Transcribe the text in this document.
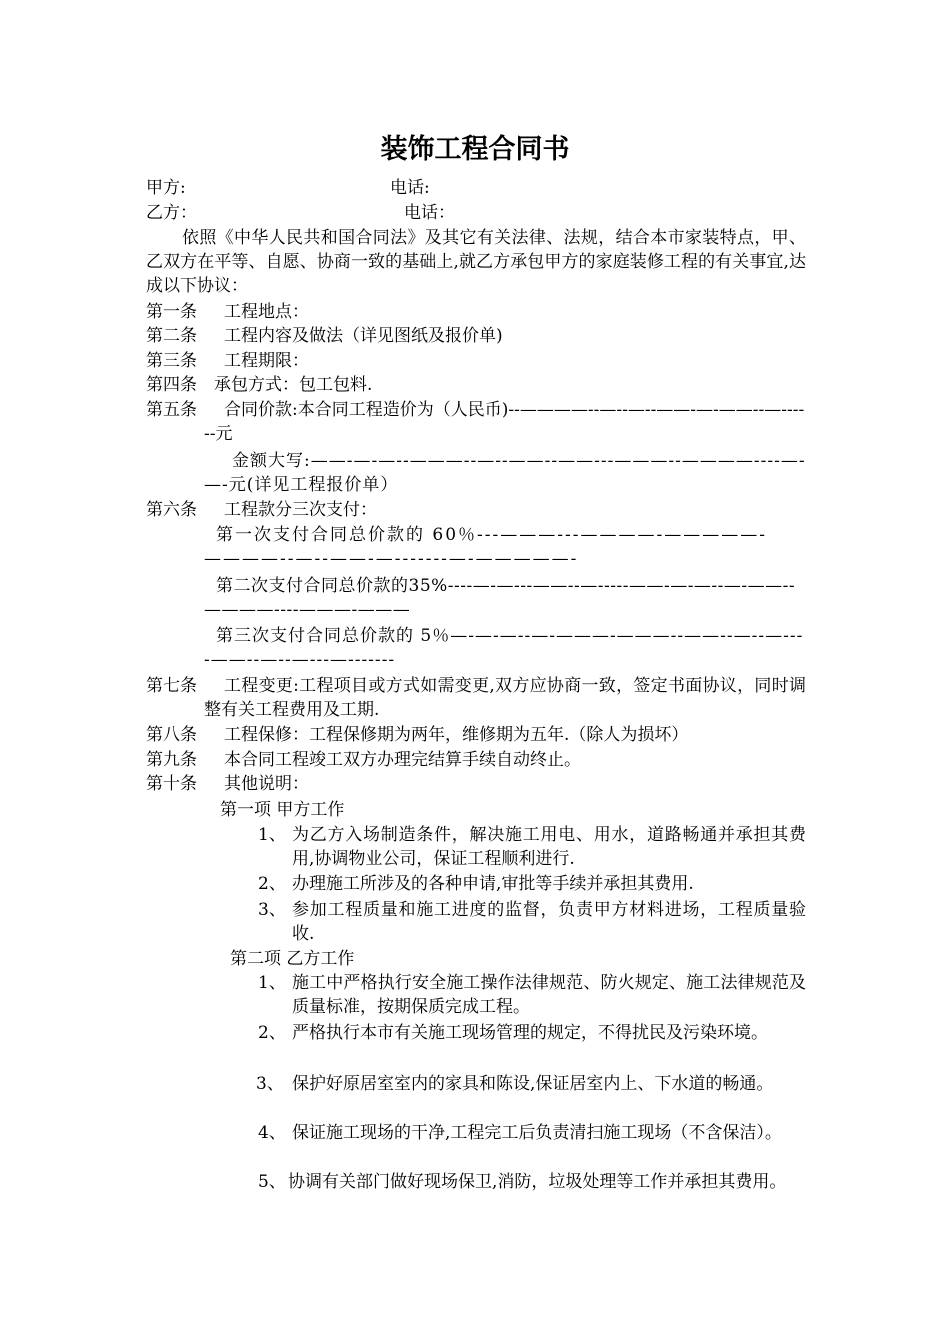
装饰工程合同书
甲方:	电话:
乙方：	电话：
依照《中华人民共和国合同法》及其它有关法律、法规，结合本市家装特点，甲、乙双方在平等、自愿、协商一致的基础上,就乙方承包甲方的家庭装修工程的有关事宜,达成以下协议：
第一条 工程地点：
第二条 工程内容及做法（详见图纸及报价单)
第三条 工程期限：
第四条 承包方式：包工包料.
第五条	合同价款:本合同工程造价为（人民币)--————--—--—--——-—-——--—------元
金额大写:——-—-—--———--—--——--——---———--————----—-—-元(详见工程报价单）
第六条 工程款分三次支付：
第一次支付合同总价款的 60％---———---————-—————-————--—--——-—-------—-—————-
第二次支付合同总价款的35%----—-—---——--—-----——-—-—--—-——--————----———-———
第三次支付合同总价款的 5％—-—-—--—-———-———--——--—--—----——--—--—---—-------
第七条	工程变更:工程项目或方式如需变更,双方应协商一致，签定书面协议，同时调整有关工程费用及工期.
第八条 工程保修：工程保修期为两年，维修期为五年.（除人为损坏）
第九条 本合同工程竣工双方办理完结算手续自动终止。
第十条 其他说明：
第一项 甲方工作
1、 为乙方入场制造条件，解决施工用电、用水，道路畅通并承担其费用,协调物业公司，保证工程顺利进行.
2、 办理施工所涉及的各种申请,审批等手续并承担其费用.
3、 参加工程质量和施工进度的监督，负责甲方材料进场，工程质量验收.
第二项 乙方工作
1、 施工中严格执行安全施工操作法律规范、防火规定、施工法律规范及质量标准，按期保质完成工程。
2、 严格执行本市有关施工现场管理的规定，不得扰民及污染环境。
3、 保护好原居室室内的家具和陈设,保证居室内上、下水道的畅通。
4、 保证施工现场的干净,工程完工后负责清扫施工现场（不含保洁）。
5、 协调有关部门做好现场保卫,消防，垃圾处理等工作并承担其费用。
